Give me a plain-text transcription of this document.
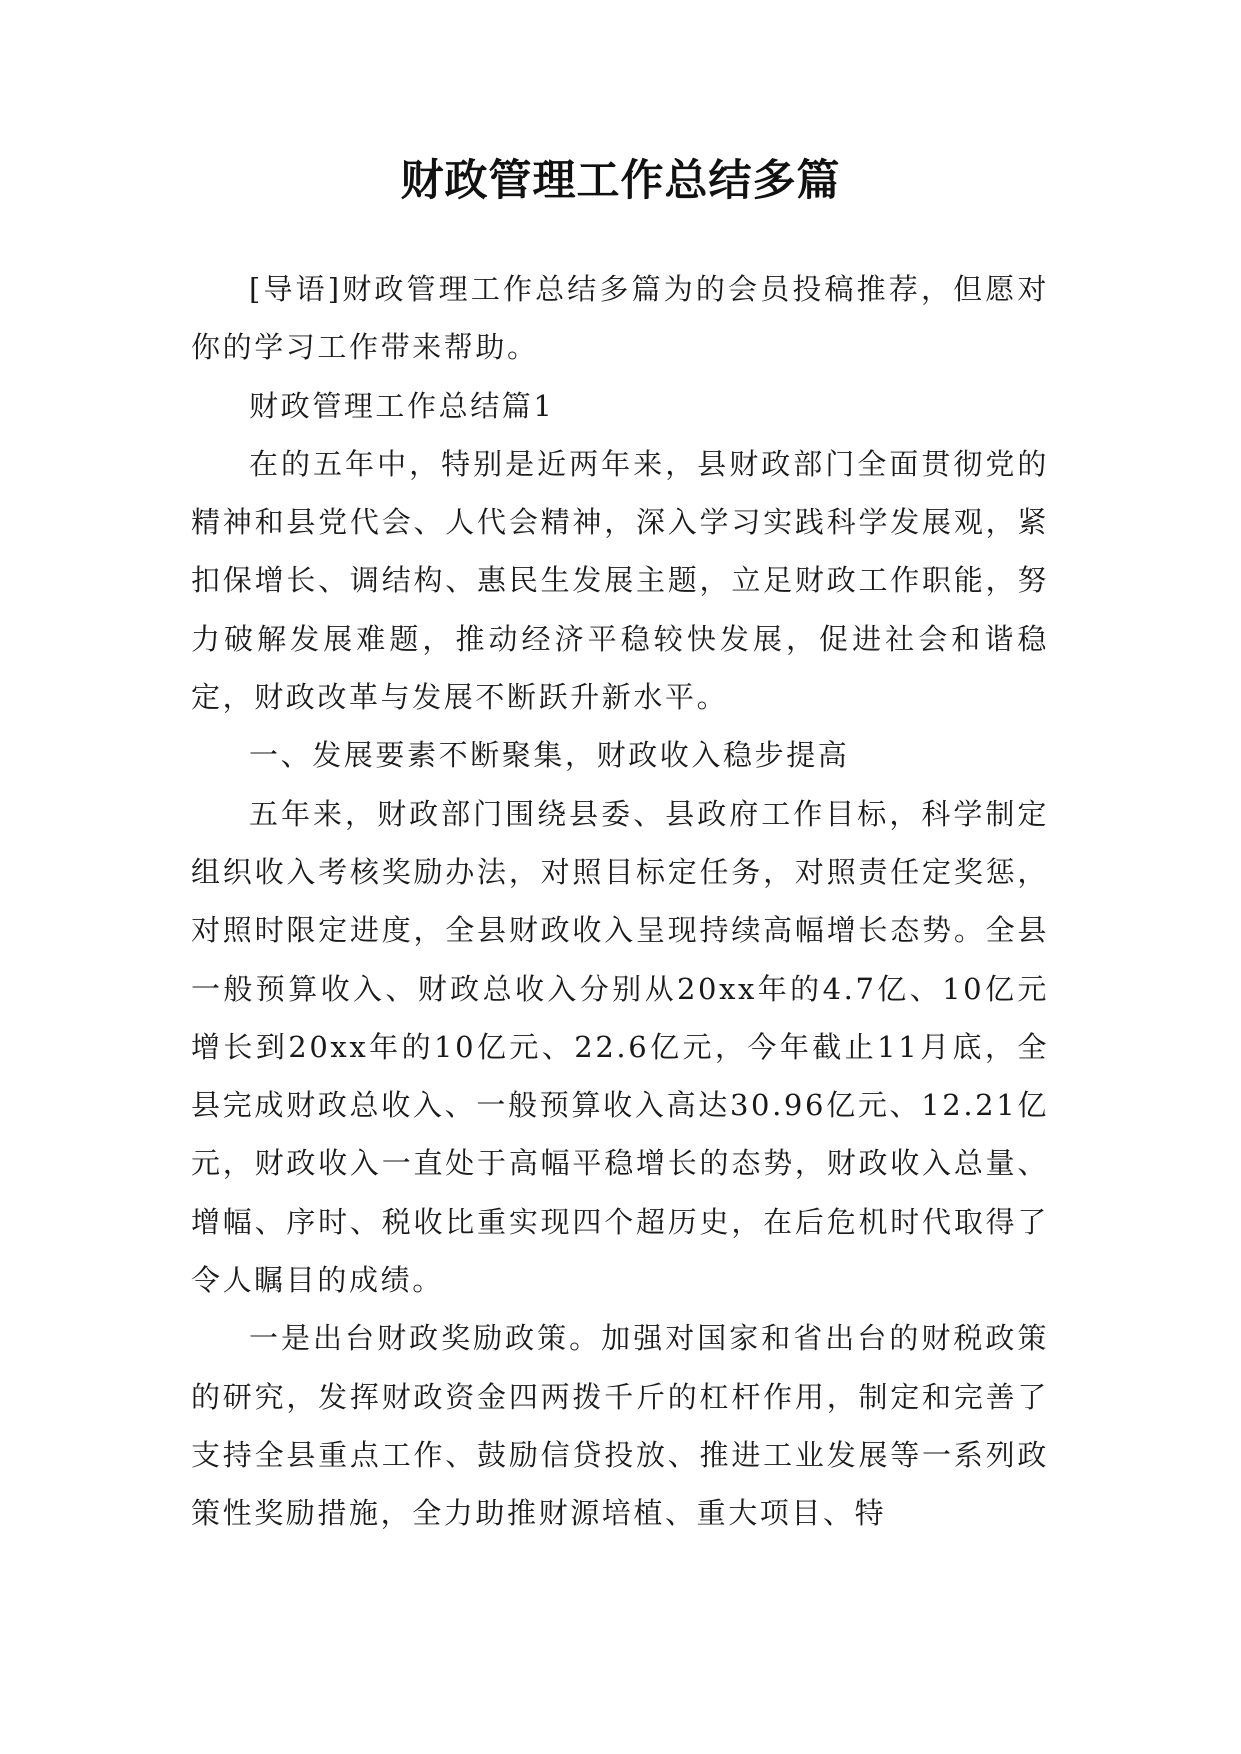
财政管理工作总结多篇

[导语]财政管理工作总结多篇为的会员投稿推荐，但愿对你的学习工作带来帮助。

财政管理工作总结篇1

在的五年中，特别是近两年来，县财政部门全面贯彻党的精神和县党代会、人代会精神，深入学习实践科学发展观，紧扣保增长、调结构、惠民生发展主题，立足财政工作职能，努力破解发展难题，推动经济平稳较快发展，促进社会和谐稳定，财政改革与发展不断跃升新水平。

一、发展要素不断聚集，财政收入稳步提高

五年来，财政部门围绕县委、县政府工作目标，科学制定组织收入考核奖励办法，对照目标定任务，对照责任定奖惩，对照时限定进度，全县财政收入呈现持续高幅增长态势。全县一般预算收入、财政总收入分别从20xx年的4.7亿、10亿元增长到20xx年的10亿元、22.6亿元，今年截止11月底，全县完成财政总收入、一般预算收入高达30.96亿元、12.21亿元，财政收入一直处于高幅平稳增长的态势，财政收入总量、增幅、序时、税收比重实现四个超历史，在后危机时代取得了令人瞩目的成绩。

一是出台财政奖励政策。加强对国家和省出台的财税政策的研究，发挥财政资金四两拨千斤的杠杆作用，制定和完善了支持全县重点工作、鼓励信贷投放、推进工业发展等一系列政策性奖励措施，全力助推财源培植、重大项目、特
